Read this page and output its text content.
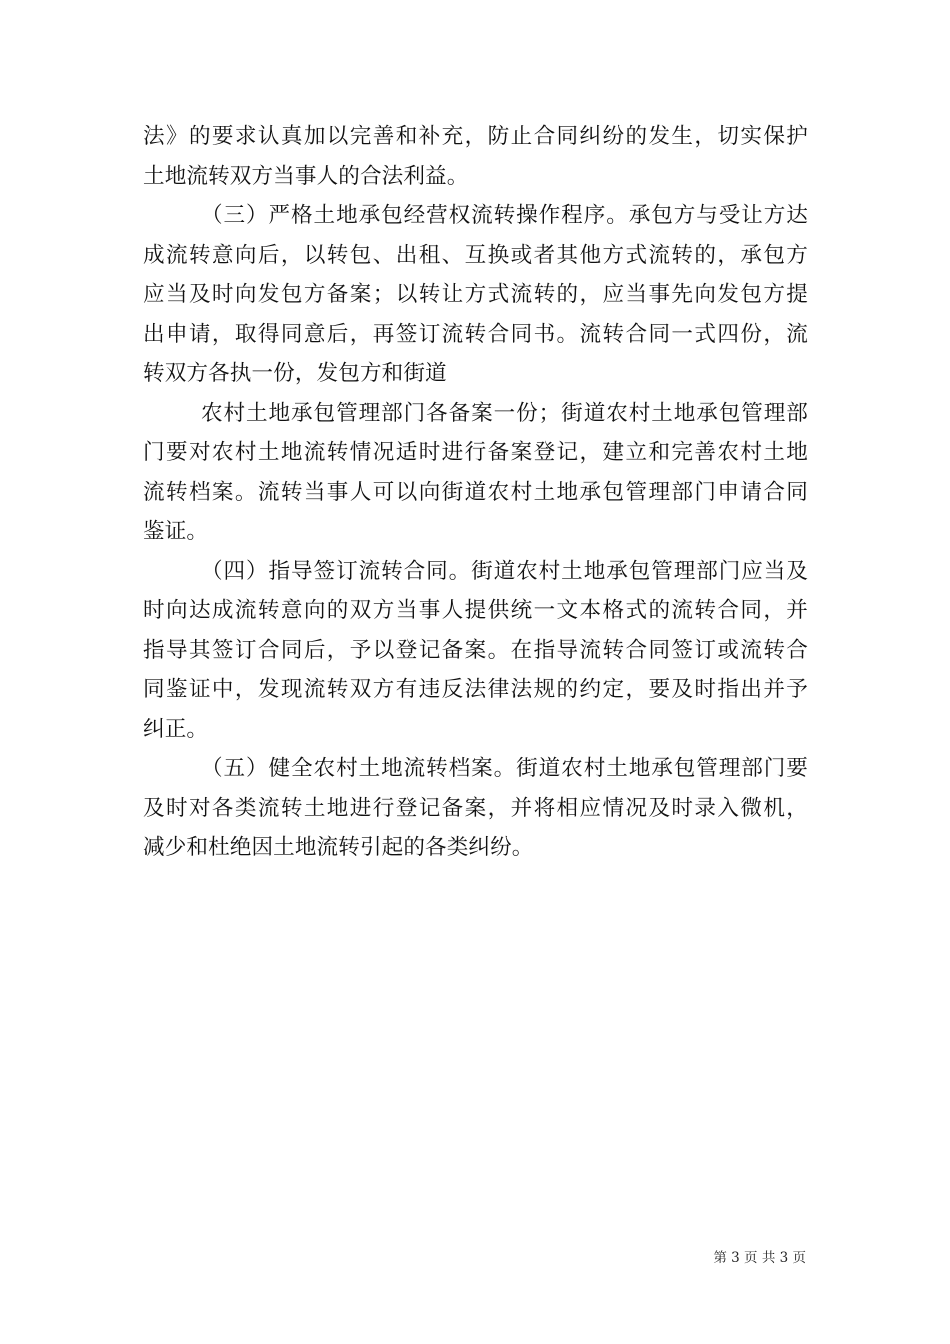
法》的要求认真加以完善和补充，防止合同纠纷的发生，切实保护
土地流转双方当事人的合法利益。
（三）严格土地承包经营权流转操作程序。承包方与受让方达
成流转意向后，以转包、出租、互换或者其他方式流转的，承包方
应当及时向发包方备案；以转让方式流转的，应当事先向发包方提
出申请，取得同意后，再签订流转合同书。流转合同一式四份，流
转双方各执一份，发包方和街道
农村土地承包管理部门各备案一份；街道农村土地承包管理部
门要对农村土地流转情况适时进行备案登记，建立和完善农村土地
流转档案。流转当事人可以向街道农村土地承包管理部门申请合同
鉴证。
（四）指导签订流转合同。街道农村土地承包管理部门应当及
时向达成流转意向的双方当事人提供统一文本格式的流转合同，并
指导其签订合同后，予以登记备案。在指导流转合同签订或流转合
同鉴证中，发现流转双方有违反法律法规的约定，要及时指出并予
纠正。
（五）健全农村土地流转档案。街道农村土地承包管理部门要
及时对各类流转土地进行登记备案，并将相应情况及时录入微机，
减少和杜绝因土地流转引起的各类纠纷。
第 3 页 共 3 页
